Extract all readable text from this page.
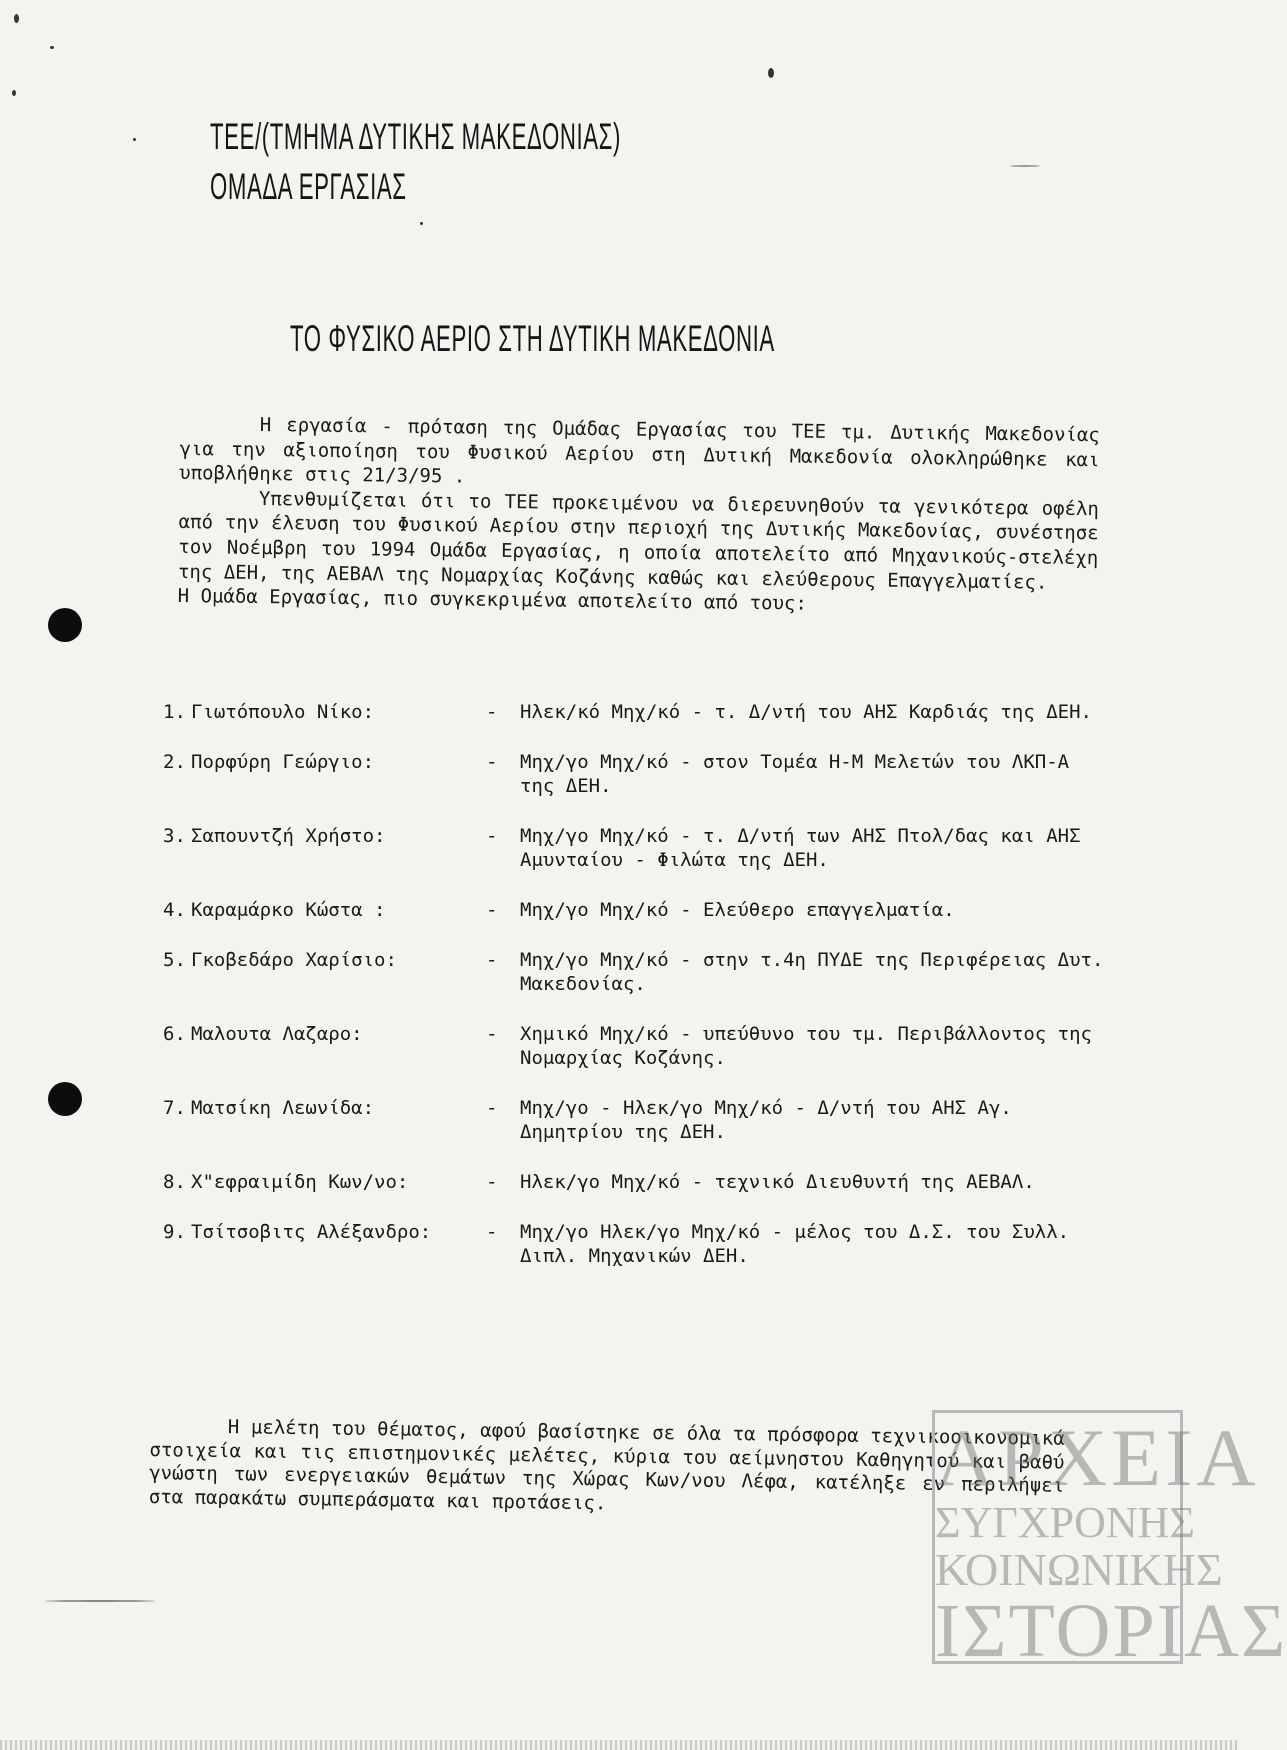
ΤΕΕ/(ΤΜΗΜΑ ΔΥΤΙΚΗΣ ΜΑΚΕΔΟΝΙΑΣ)
ΟΜΑΔΑ ΕΡΓΑΣΙΑΣ
ΤΟ ΦΥΣΙΚΟ ΑΕΡΙΟ ΣΤΗ ΔΥΤΙΚΗ ΜΑΚΕΔΟΝΙΑ

Η εργασία - πρόταση της Ομάδας Εργασίας του ΤΕΕ τμ. Δυτικής Μακεδονίας για την αξιοποίηση του Φυσικού Αερίου στη Δυτική Μακεδονία ολοκληρώθηκε και υποβλήθηκε στις 21/3/95 .

Υπενθυμίζεται ότι το ΤΕΕ προκειμένου να διερευνηθούν τα γενικότερα οφέλη από την έλευση του Φυσικού Αερίου στην περιοχή της Δυτικής Μακεδονίας, συνέστησε τον Νοέμβρη του 1994 Ομάδα Εργασίας, η οποία αποτελείτο από Μηχανικούς-στελέχη της ΔΕΗ, της ΑΕΒΑΛ της Νομαρχίας Κοζάνης καθώς και ελεύθερους Επαγγελματίες.

Η Ομάδα Εργασίας, πιο συγκεκριμένα αποτελείτο από τους:

1. Γιωτόπουλο Νίκο:	-	Ηλεκ/κό Μηχ/κό - τ. Δ/ντή του ΑΗΣ Καρδιάς της ΔΕΗ.
2. Πορφύρη Γεώργιο:	-	Μηχ/γο Μηχ/κό - στον Τομέα Η-Μ Μελετών του ΛΚΠ-Α της ΔΕΗ.
3. Σαπουντζή Χρήστο:	-	Μηχ/γο Μηχ/κό - τ. Δ/ντή των ΑΗΣ Πτολ/δας και ΑΗΣ Αμυνταίου - Φιλώτα της ΔΕΗ.
4. Καραμάρκο Κώστα :	-	Μηχ/γο Μηχ/κό - Ελεύθερο επαγγελματία.
5. Γκοβεδάρο Χαρίσιο:	-	Μηχ/γο Μηχ/κό - στην τ.4η ΠΥΔΕ της Περιφέρειας Δυτ. Μακεδονίας.
6. Μαλουτα Λαζαρο:	-	Χημικό Μηχ/κό - υπεύθυνο του τμ. Περιβάλλοντος της Νομαρχίας Κοζάνης.
7. Ματσίκη Λεωνίδα:	-	Μηχ/γο - Ηλεκ/γο Μηχ/κό - Δ/ντή του ΑΗΣ Αγ. Δημητρίου της ΔΕΗ.
8. Χ"εφραιμίδη Κων/νο:	-	Ηλεκ/γο Μηχ/κό - τεχνικό Διευθυντή της ΑΕΒΑΛ.
9. Τσίτσοβιτς Αλέξανδρο:	-	Μηχ/γο Ηλεκ/γο Μηχ/κό - μέλος του Δ.Σ. του Συλλ. Διπλ. Μηχανικών ΔΕΗ.

Η μελέτη του θέματος, αφού βασίστηκε σε όλα τα πρόσφορα τεχνικοοικονομικά στοιχεία και τις επιστημονικές μελέτες, κύρια του αείμνηστου Καθηγητού και βαθύ γνώστη των ενεργειακών θεμάτων της Χώρας Κων/νου Λέφα, κατέληξε εν περιλήψει στα παρακάτω συμπεράσματα και προτάσεις.	ΑΡΧΕΙΑ
ΣΥΓΧΡΟΝΗΣ
ΚΟΙΝΩΝΙΚΗΣ
ΙΣΤΟΡΙΑΣ
